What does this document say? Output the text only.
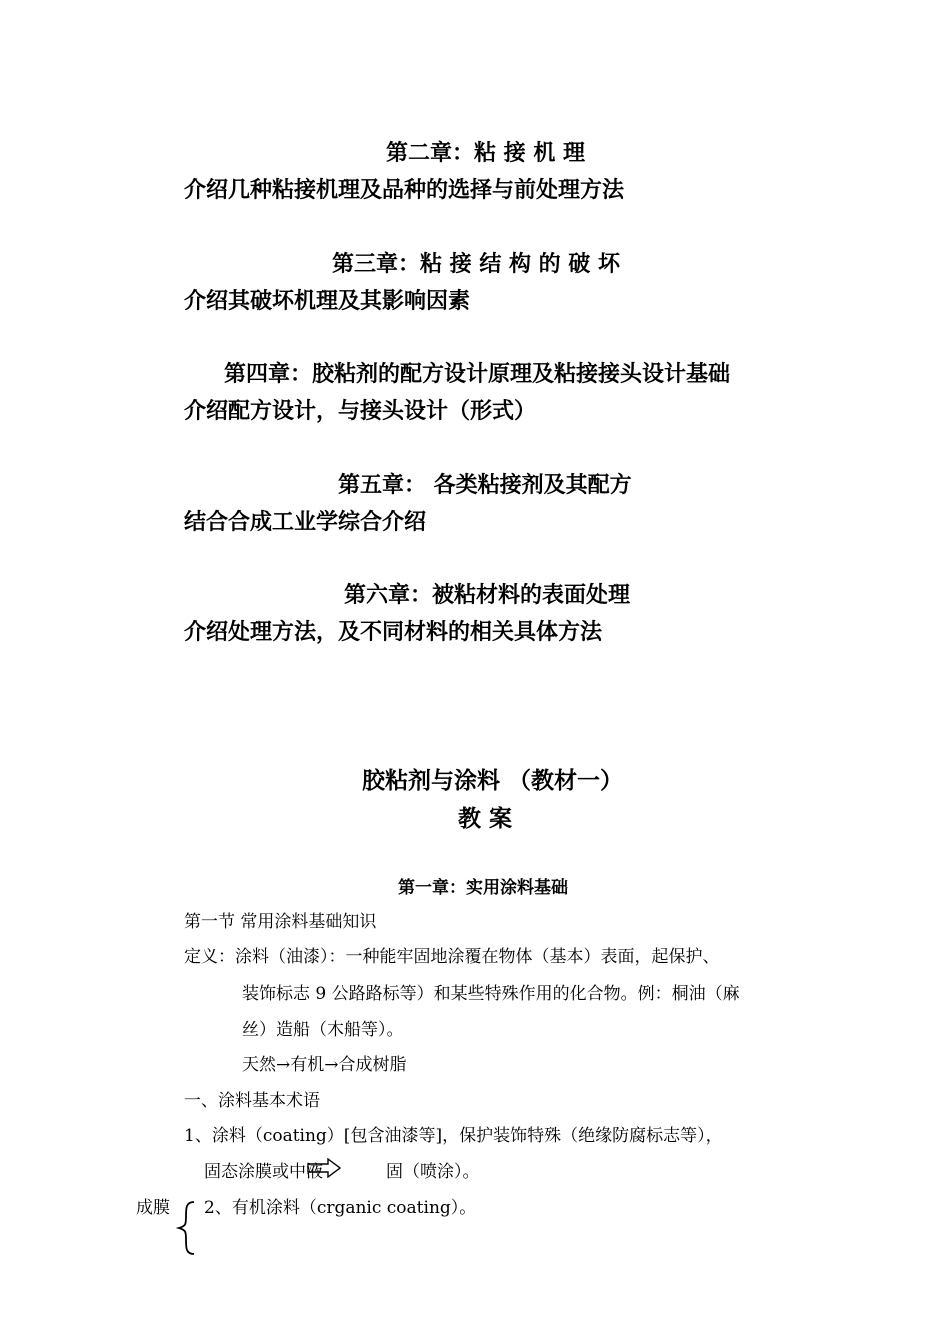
第二章：粘 接 机 理
介绍几种粘接机理及品种的选择与前处理方法
第三章：粘 接 结 构 的 破 坏
介绍其破坏机理及其影响因素
第四章：胶粘剂的配方设计原理及粘接接头设计基础
介绍配方设计，与接头设计（形式）
第五章： 各类粘接剂及其配方
结合合成工业学综合介绍
第六章：被粘材料的表面处理
介绍处理方法，及不同材料的相关具体方法
胶粘剂与涂料 （教材一）
教 案
第一章：实用涂料基础
第一节 常用涂料基础知识
定义：涂料（油漆）：一种能牢固地涂覆在物体（基本）表面，起保护、
装饰标志 9 公路路标等）和某些特殊作用的化合物。例：桐油（麻
丝）造船（木船等）。
天然→有机→合成树脂
一、涂料基本术语
1、涂料（coating）[包含油漆等]，保护装饰特殊（绝缘防腐标志等），
固态涂膜或中液	固（喷涂）。
成膜 2、有机涂料（crganic coating）。
